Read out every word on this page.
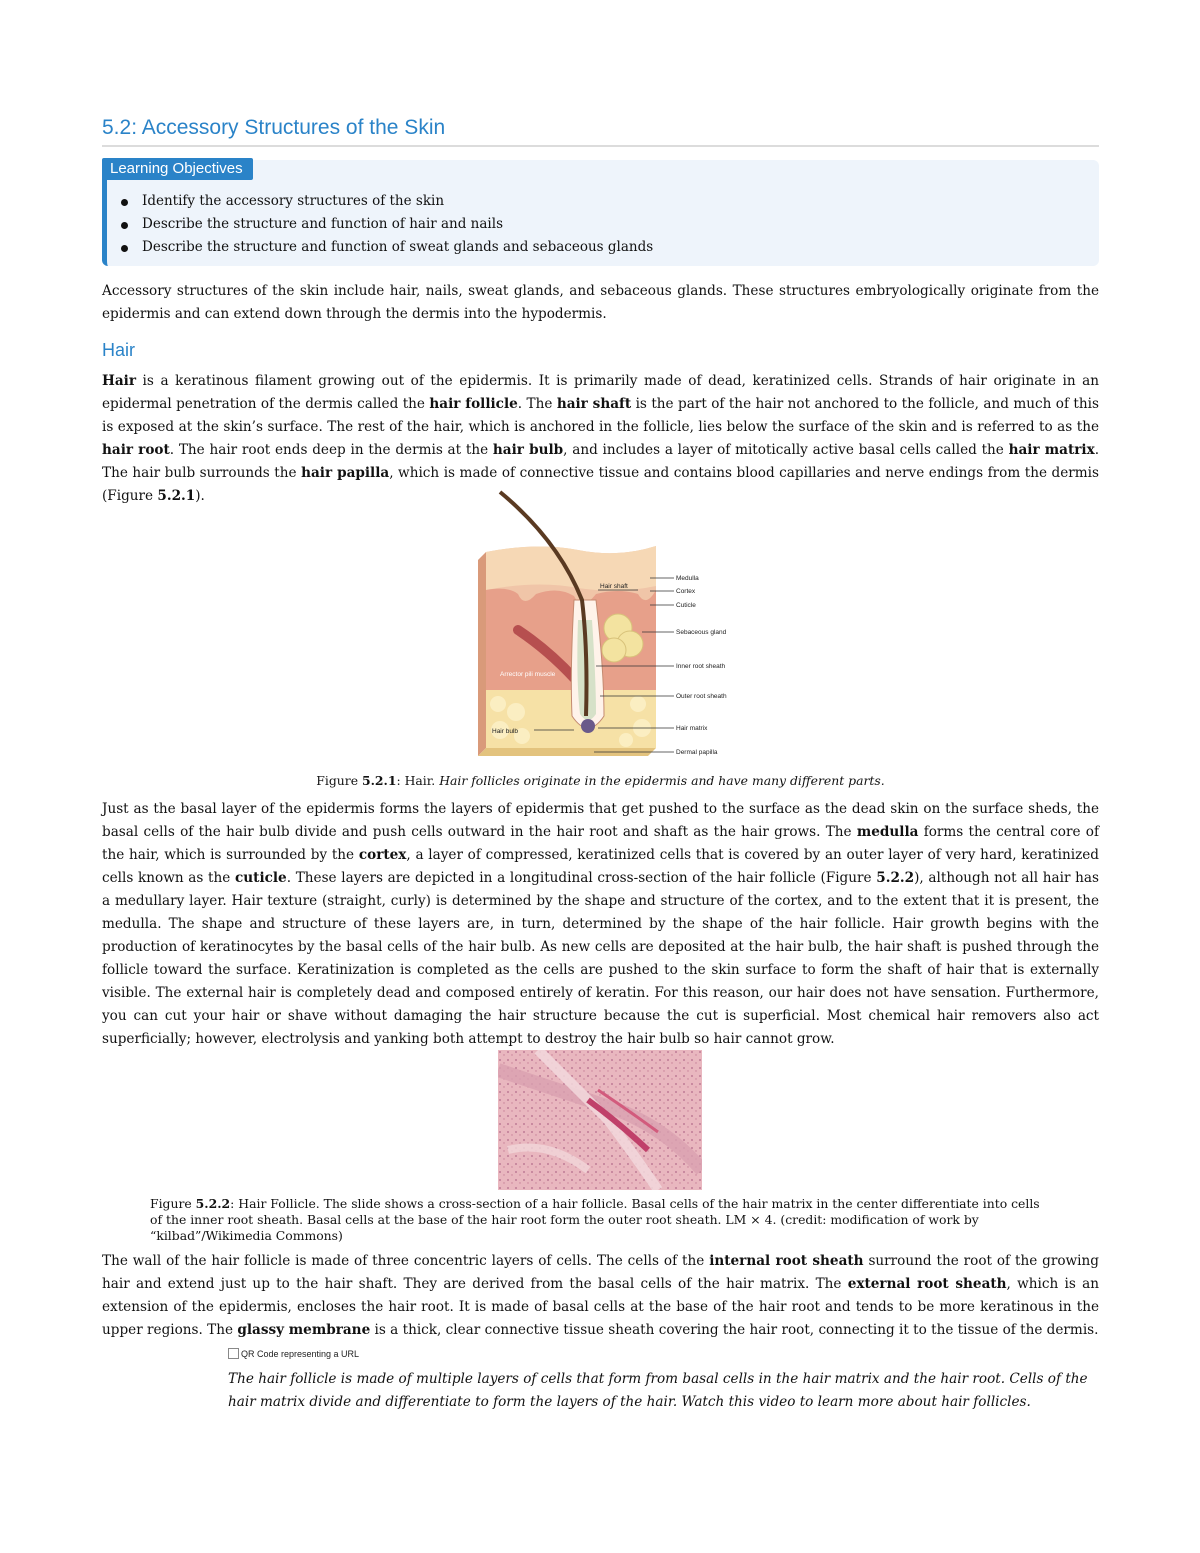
5.2: Accessory Structures of the Skin
Learning Objectives
Identify the accessory structures of the skin
Describe the structure and function of hair and nails
Describe the structure and function of sweat glands and sebaceous glands

Accessory structures of the skin include hair, nails, sweat glands, and sebaceous glands. These structures embryologically originate from the epidermis and can extend down through the dermis into the hypodermis.

Hair

Hair is a keratinous filament growing out of the epidermis. It is primarily made of dead, keratinized cells. Strands of hair originate in an epidermal penetration of the dermis called the hair follicle. The hair shaft is the part of the hair not anchored to the follicle, and much of this is exposed at the skin’s surface. The rest of the hair, which is anchored in the follicle, lies below the surface of the skin and is referred to as the hair root. The hair root ends deep in the dermis at the hair bulb, and includes a layer of mitotically active basal cells called the hair matrix. The hair bulb surrounds the hair papilla, which is made of connective tissue and contains blood capillaries and nerve endings from the dermis (Figure 5.2.1).

Medulla
Cortex
Cuticle
Sebaceous gland
Inner root sheath
Outer root sheath
Hair matrix
Dermal papilla
Hair shaft
Arrector pili muscle
Hair bulb
Figure 5.2.1: Hair. Hair follicles originate in the epidermis and have many different parts.

Just as the basal layer of the epidermis forms the layers of epidermis that get pushed to the surface as the dead skin on the surface sheds, the basal cells of the hair bulb divide and push cells outward in the hair root and shaft as the hair grows. The medulla forms the central core of the hair, which is surrounded by the cortex, a layer of compressed, keratinized cells that is covered by an outer layer of very hard, keratinized cells known as the cuticle. These layers are depicted in a longitudinal cross-section of the hair follicle (Figure 5.2.2), although not all hair has a medullary layer. Hair texture (straight, curly) is determined by the shape and structure of the cortex, and to the extent that it is present, the medulla. The shape and structure of these layers are, in turn, determined by the shape of the hair follicle. Hair growth begins with the production of keratinocytes by the basal cells of the hair bulb. As new cells are deposited at the hair bulb, the hair shaft is pushed through the follicle toward the surface. Keratinization is completed as the cells are pushed to the skin surface to form the shaft of hair that is externally visible. The external hair is completely dead and composed entirely of keratin. For this reason, our hair does not have sensation. Furthermore, you can cut your hair or shave without damaging the hair structure because the cut is superficial. Most chemical hair removers also act superficially; however, electrolysis and yanking both attempt to destroy the hair bulb so hair cannot grow.

Figure 5.2.2: Hair Follicle. The slide shows a cross-section of a hair follicle. Basal cells of the hair matrix in the center differentiate into cells of the inner root sheath. Basal cells at the base of the hair root form the outer root sheath. LM × 4. (credit: modification of work by “kilbad”/Wikimedia Commons)

The wall of the hair follicle is made of three concentric layers of cells. The cells of the internal root sheath surround the root of the growing hair and extend just up to the hair shaft. They are derived from the basal cells of the hair matrix. The external root sheath, which is an extension of the epidermis, encloses the hair root. It is made of basal cells at the base of the hair root and tends to be more keratinous in the upper regions. The glassy membrane is a thick, clear connective tissue sheath covering the hair root, connecting it to the tissue of the dermis.

QR Code representing a URL

The hair follicle is made of multiple layers of cells that form from basal cells in the hair matrix and the hair root. Cells of the hair matrix divide and differentiate to form the layers of the hair. Watch this video to learn more about hair follicles.
